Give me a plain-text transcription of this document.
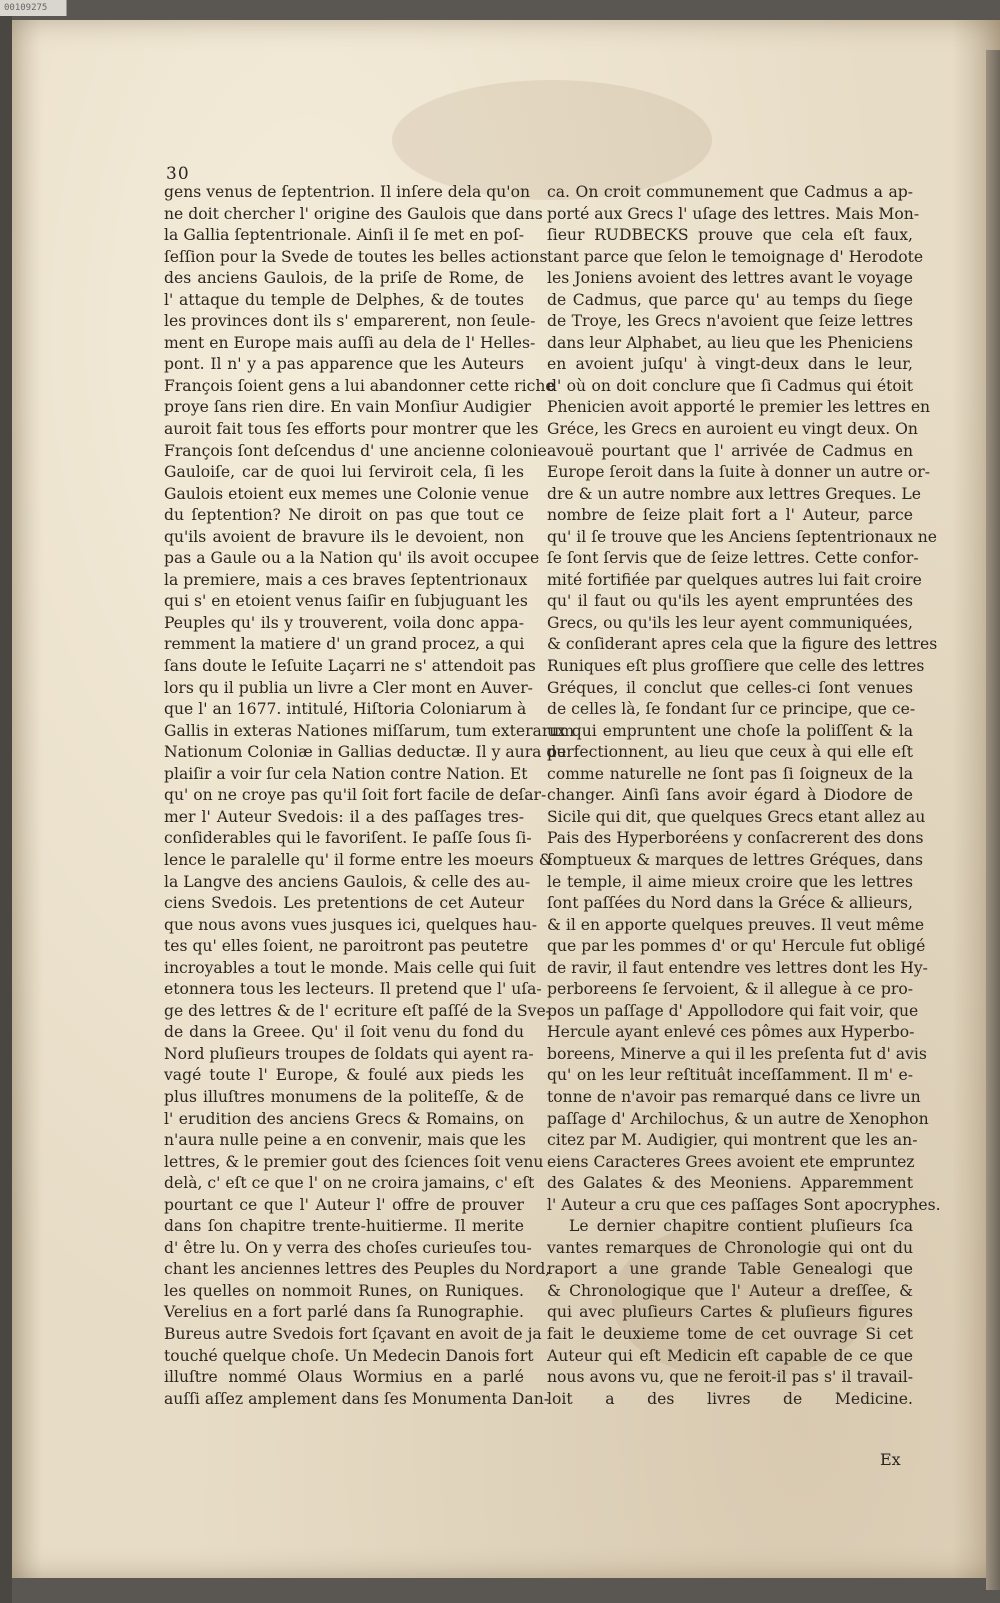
00109275
30
gens venus de ſeptentrion. Il inſere dela qu'on
ne doit chercher l' origine des Gaulois que dans
la Gallia ſeptentrionale. Ainſi il ſe met en poſ-
ſeſſion pour la Svede de toutes les belles actions
des anciens Gaulois, de la priſe de Rome, de
l' attaque du temple de Delphes, & de toutes
les provinces dont ils s' emparerent, non ſeule-
ment en Europe mais auſſi au dela de l' Helles-
pont. Il n' y a pas apparence que les Auteurs
François ſoient gens a lui abandonner cette riche
proye ſans rien dire. En vain Monſiur Audigier
auroit fait tous ſes efforts pour montrer que les
François ſont deſcendus d' une ancienne colonie
Gauloiſe, car de quoi lui ſerviroit cela, ſi les
Gaulois etoient eux memes une Colonie venue
du ſeptention? Ne diroit on pas que tout ce
qu'ils avoient de bravure ils le devoient, non
pas a Gaule ou a la Nation qu' ils avoit occupee
la premiere, mais a ces braves ſeptentrionaux
qui s' en etoient venus ſaiſir en ſubjuguant les
Peuples qu' ils y trouverent, voila donc appa-
remment la matiere d' un grand procez, a qui
ſans doute le Ieſuite Laçarri ne s' attendoit pas
lors qu il publia un livre a Cler mont en Auver-
que l' an 1677. intitulé, Hiſtoria Coloniarum à
Gallis in exteras Nationes miſſarum, tum exterarum
Nationum Coloniæ in Gallias deductæ. Il y aura du
plaiſir a voir ſur cela Nation contre Nation. Et
qu' on ne croye pas qu'il ſoit fort facile de deſar-
mer l' Auteur Svedois: il a des paſſages tres-
conſiderables qui le favoriſent. Ie paſſe ſous ſi-
lence le paralelle qu' il forme entre les moeurs &
la Langve des anciens Gaulois, & celle des au-
ciens Svedois. Les pretentions de cet Auteur
que nous avons vues jusques ici, quelques hau-
tes qu' elles ſoient, ne paroitront pas peutetre
incroyables a tout le monde. Mais celle qui ſuit
etonnera tous les lecteurs. Il pretend que l' uſa-
ge des lettres & de l' ecriture eſt paſſé de la Sve-
de dans la Greee. Qu' il ſoit venu du fond du
Nord pluſieurs troupes de ſoldats qui ayent ra-
vagé toute l' Europe, & foulé aux pieds les
plus illuſtres monumens de la politeſſe, & de
l' erudition des anciens Grecs & Romains, on
n'aura nulle peine a en convenir, mais que les
lettres, & le premier gout des ſciences ſoit venu
delà, c' eſt ce que l' on ne croira jamains, c' eſt
pourtant ce que l' Auteur l' offre de prouver
dans ſon chapitre trente-huitierme. Il merite
d' être lu. On y verra des choſes curieuſes tou-
chant les anciennes lettres des Peuples du Nord,
les quelles on nommoit Runes, on Runiques.
Verelius en a fort parlé dans ſa Runographie.
Bureus autre Svedois fort ſçavant en avoit de ja
touché quelque choſe. Un Medecin Danois fort
illuſtre nommé Olaus Wormius en a parlé
auſſi aſſez amplement dans ſes Monumenta Dan-
ca. On croit communement que Cadmus a ap-
porté aux Grecs l' uſage des lettres. Mais Mon-
ſieur RUDBECKS prouve que cela eſt faux,
tant parce que ſelon le temoignage d' Herodote
les Joniens avoient des lettres avant le voyage
de Cadmus, que parce qu' au temps du ſiege
de Troye, les Grecs n'avoient que ſeize lettres
dans leur Alphabet, au lieu que les Pheniciens
en avoient juſqu' à vingt-deux dans le leur,
d' où on doit conclure que ſi Cadmus qui étoit
Phenicien avoit apporté le premier les lettres en
Gréce, les Grecs en auroient eu vingt deux. On
avouë pourtant que l' arrivée de Cadmus en
Europe ſeroit dans la ſuite à donner un autre or-
dre & un autre nombre aux lettres Greques. Le
nombre de ſeize plait fort a l' Auteur, parce
qu' il ſe trouve que les Anciens ſeptentrionaux ne
ſe ſont ſervis que de ſeize lettres. Cette confor-
mité fortifiée par quelques autres lui fait croire
qu' il faut ou qu'ils les ayent empruntées des
Grecs, ou qu'ils les leur ayent communiquées,
& conſiderant apres cela que la figure des lettres
Runiques eſt plus groſſiere que celle des lettres
Gréques, il conclut que celles-ci ſont venues
de celles là, ſe fondant ſur ce principe, que ce-
ux qui empruntent une choſe la poliſſent & la
perfectionnent, au lieu que ceux à qui elle eſt
comme naturelle ne ſont pas ſi ſoigneux de la
changer. Ainſi ſans avoir égard à Diodore de
Sicile qui dit, que quelques Grecs etant allez au
Pais des Hyperboréens y conſacrerent des dons
ſomptueux & marques de lettres Gréques, dans
le temple, il aime mieux croire que les lettres
ſont paſſées du Nord dans la Gréce & allieurs,
& il en apporte quelques preuves. Il veut même
que par les pommes d' or qu' Hercule fut obligé
de ravir, il faut entendre ves lettres dont les Hy-
perboreens ſe ſervoient, & il allegue à ce pro-
pos un paſſage d' Appollodore qui fait voir, que
Hercule ayant enlevé ces pômes aux Hyperbo-
boreens, Minerve a qui il les preſenta fut d' avis
qu' on les leur reſtituât inceſſamment. Il m' e-
tonne de n'avoir pas remarqué dans ce livre un
paſſage d' Archilochus, & un autre de Xenophon
citez par M. Audigier, qui montrent que les an-
eiens Caracteres Grees avoient ete empruntez
des Galates & des Meoniens. Apparemment
l' Auteur a cru que ces paſſages Sont apocryphes.
Le dernier chapitre contient pluſieurs ſca
vantes remarques de Chronologie qui ont du
raport a une grande Table Genealogi que
& Chronologique que l' Auteur a dreſſee, &
qui avec pluſieurs Cartes & pluſieurs figures
fait le deuxieme tome de cet ouvrage Si cet
Auteur qui eſt Medicin eſt capable de ce que
nous avons vu, que ne feroit-il pas s' il travail-
loit a des livres de Medicine.
Ex
